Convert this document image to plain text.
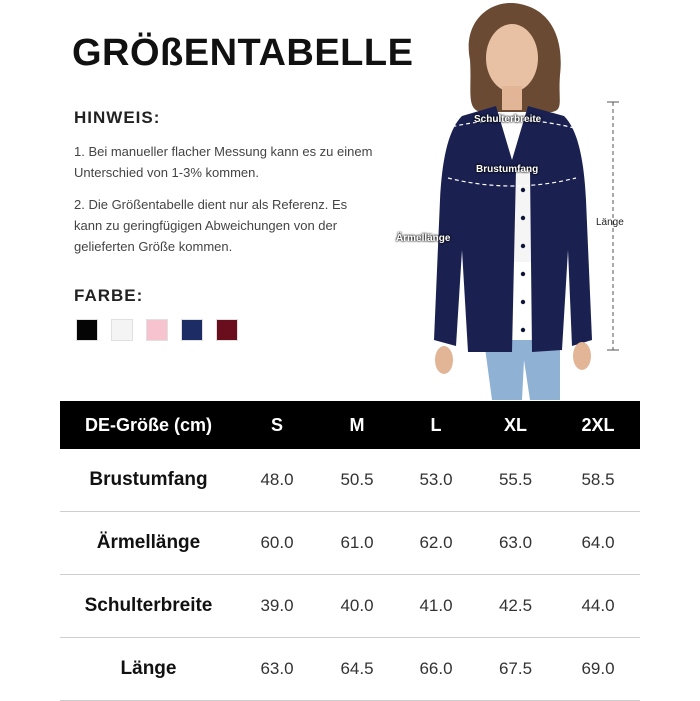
GRÖßENTABELLE
HINWEIS:
1. Bei manueller flacher Messung kann es zu einem Unterschied von 1-3% kommen.
2. Die Größentabelle dient nur als Referenz. Es kann zu geringfügigen Abweichungen von der gelieferten Größe kommen.
FARBE:
Schulterbreite
Brustumfang
Ärmellänge
Länge
DE-Größe (cm)	S	M	L	XL	2XL
Brustumfang	48.0	50.5	53.0	55.5	58.5
Ärmellänge	60.0	61.0	62.0	63.0	64.0
Schulterbreite	39.0	40.0	41.0	42.5	44.0
Länge	63.0	64.5	66.0	67.5	69.0
